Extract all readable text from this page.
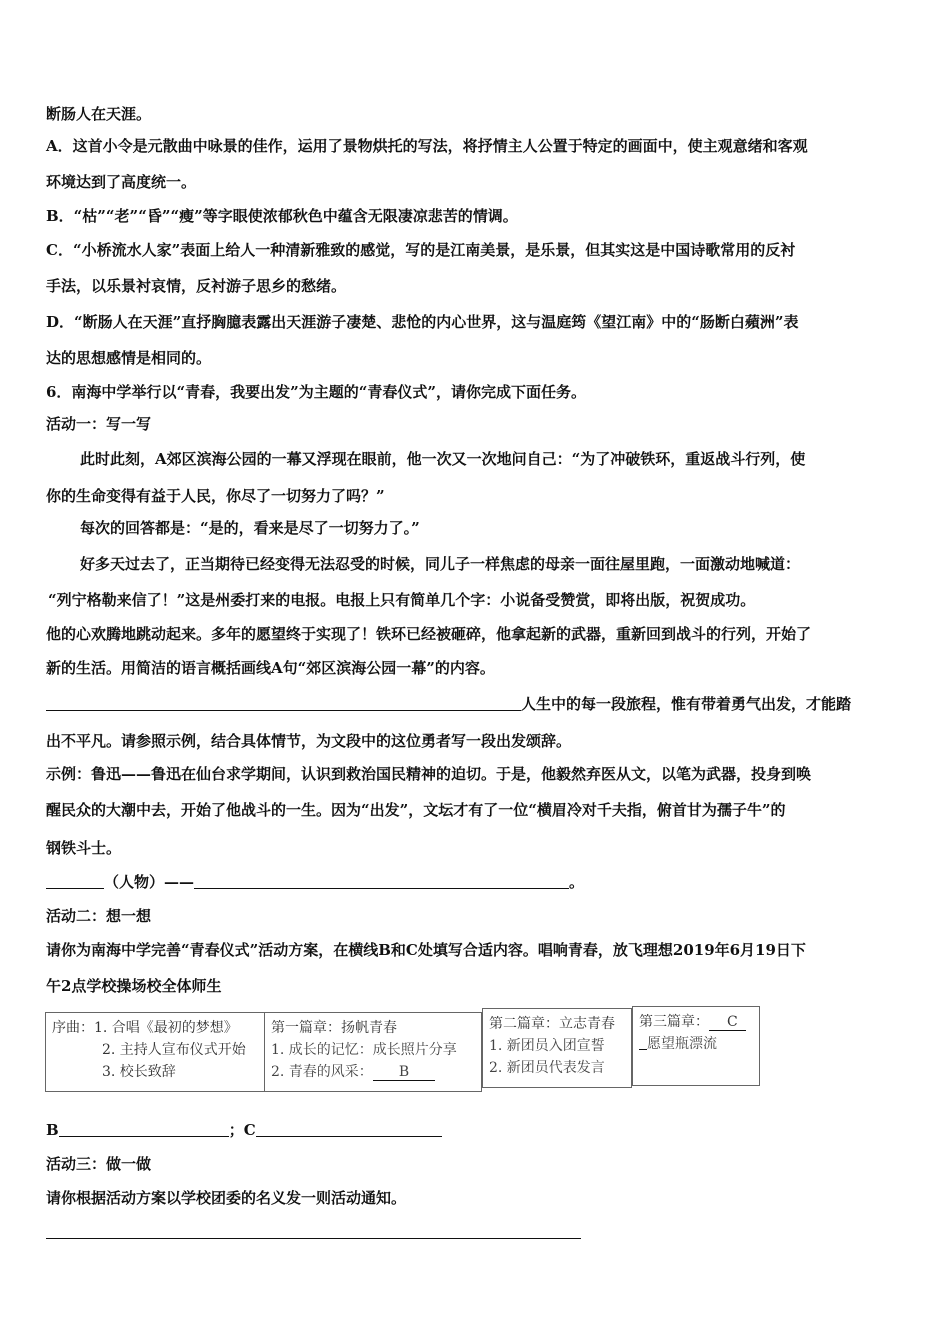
断肠人在天涯。
A．这首小令是元散曲中咏景的佳作，运用了景物烘托的写法，将抒情主人公置于特定的画面中，使主观意绪和客观
环境达到了高度统一。
B．“枯”“老”“昏”“瘦”等字眼使浓郁秋色中蕴含无限凄凉悲苦的情调。
C．“小桥流水人家”表面上给人一种清新雅致的感觉，写的是江南美景，是乐景，但其实这是中国诗歌常用的反衬
手法，以乐景衬哀情，反衬游子思乡的愁绪。
D．“断肠人在天涯”直抒胸臆表露出天涯游子凄楚、悲怆的内心世界，这与温庭筠《望江南》中的“肠断白蘋洲”表
达的思想感情是相同的。
6．南海中学举行以“青春，我要出发”为主题的“青春仪式”，请你完成下面任务。
活动一：写一写
此时此刻，A郊区滨海公园的一幕又浮现在眼前，他一次又一次地问自己：“为了冲破铁环，重返战斗行列，使
你的生命变得有益于人民，你尽了一切努力了吗？”
每次的回答都是：“是的，看来是尽了一切努力了。”
好多天过去了，正当期待已经变得无法忍受的时候，同儿子一样焦虑的母亲一面往屋里跑，一面激动地喊道：
“列宁格勒来信了！”这是州委打来的电报。电报上只有简单几个字：小说备受赞赏，即将出版，祝贺成功。
他的心欢腾地跳动起来。多年的愿望终于实现了！铁环已经被砸碎，他拿起新的武器，重新回到战斗的行列，开始了
新的生活。用简洁的语言概括画线A句“郊区滨海公园一幕”的内容。
人生中的每一段旅程，惟有带着勇气出发，才能踏
出不平凡。请参照示例，结合具体情节，为文段中的这位勇者写一段出发颂辞。
示例：鲁迅——鲁迅在仙台求学期间，认识到救治国民精神的迫切。于是，他毅然弃医从文，以笔为武器，投身到唤
醒民众的大潮中去，开始了他战斗的一生。因为“出发”，文坛才有了一位“横眉冷对千夫指，俯首甘为孺子牛”的
钢铁斗士。
（人物）——	。
活动二：想一想
请你为南海中学完善“青春仪式”活动方案，在横线B和C处填写合适内容。唱响青春，放飞理想2019年6月19日下
午2点学校操场校全体师生
序曲：1. 合唱《最初的梦想》
2. 主持人宣布仪式开始
3. 校长致辞
第一篇章：扬帆青春
1. 成长的记忆：成长照片分享
2. 青春的风采： B
第二篇章：立志青春
1. 新团员入团宣誓
2. 新团员代表发言
第三篇章： C
愿望瓶漂流
B	；C
活动三：做一做
请你根据活动方案以学校团委的名义发一则活动通知。
